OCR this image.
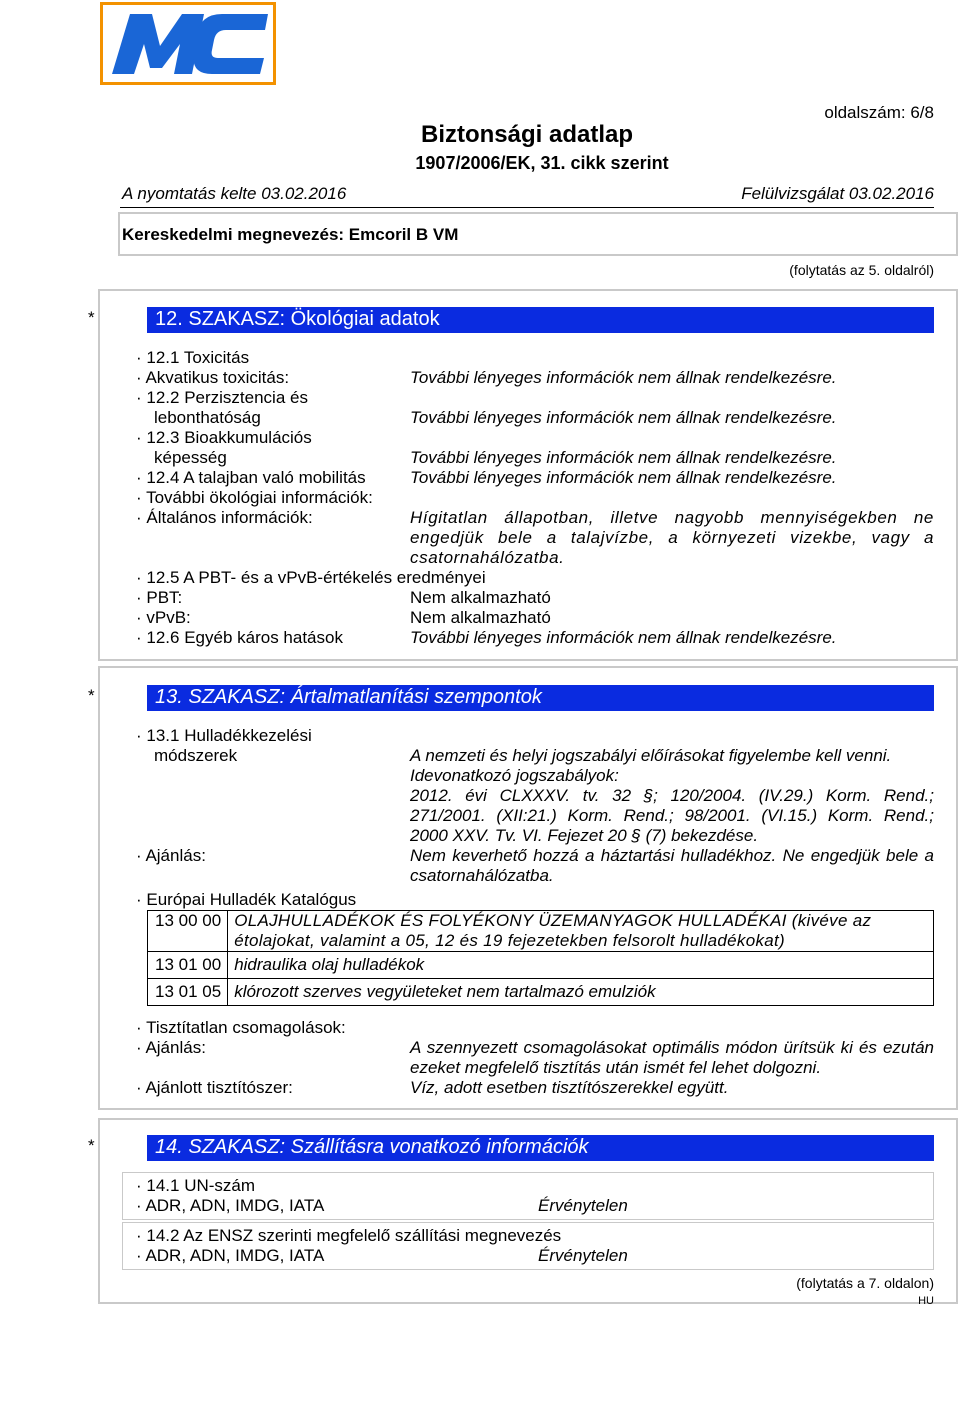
Biztonsági adatlap
1907/2006/EK, 31. cikk szerint
oldalszám: 6/8
A nyomtatás kelte 03.02.2016	Felülvizsgálat 03.02.2016
Kereskedelmi megnevezés: Emcoril B VM
(folytatás az 5. oldalról)
*	12. SZAKASZ: Ökológiai adatok
· 12.1 Toxicitás
· Akvatikus toxicitás:	További lényeges információk nem állnak rendelkezésre.
· 12.2 Perzisztencia és
lebonthatóság	További lényeges információk nem állnak rendelkezésre.
· 12.3 Bioakkumulációs
képesség	További lényeges információk nem állnak rendelkezésre.
· 12.4 A talajban való mobilitás	További lényeges információk nem állnak rendelkezésre.
· További ökológiai információk:
· Általános információk:	Hígitatlan állapotban, illetve nagyobb mennyiségekben ne engedjük bele a talajvízbe, a környezeti vizekbe, vagy a csatornahálózatba.
· 12.5 A PBT- és a vPvB-értékelés eredményei
· PBT:	Nem alkalmazható
· vPvB:	Nem alkalmazható
· 12.6 Egyéb káros hatások	További lényeges információk nem állnak rendelkezésre.
*	13. SZAKASZ: Ártalmatlanítási szempontok
· 13.1 Hulladékkezelési
módszerek	A nemzeti és helyi jogszabályi előírásokat figyelembe kell venni.
Idevonatkozó jogszabályok:
2012. évi CLXXXV. tv. 32 §; 120/2004. (IV.29.) Korm. Rend.; 271/2001. (XII:21.) Korm. Rend.; 98/2001. (VI.15.) Korm. Rend.; 2000 XXV. Tv. VI. Fejezet 20 § (7) bekezdése.
· Ajánlás:	Nem keverhető hozzá a háztartási hulladékhoz. Ne engedjük bele a csatornahálózatba.
· Európai Hulladék Katalógus
13 00 00	OLAJHULLADÉKOK ÉS FOLYÉKONY ÜZEMANYAGOK HULLADÉKAI (kivéve az étolajokat, valamint a 05, 12 és 19 fejezetekben felsorolt hulladékokat)
13 01 00	hidraulika olaj hulladékok
13 01 05	klórozott szerves vegyületeket nem tartalmazó emulziók
· Tisztítatlan csomagolások:
· Ajánlás:	A szennyezett csomagolásokat optimális módon ürítsük ki és ezután ezeket megfelelő tisztítás után ismét fel lehet dolgozni.
· Ajánlott tisztítószer:	Víz, adott esetben tisztítószerekkel együtt.
*	14. SZAKASZ: Szállításra vonatkozó információk
· 14.1 UN-szám
· ADR, ADN, IMDG, IATA	Érvénytelen
· 14.2 Az ENSZ szerinti megfelelő szállítási megnevezés
· ADR, ADN, IMDG, IATA	Érvénytelen
(folytatás a 7. oldalon)
HU
